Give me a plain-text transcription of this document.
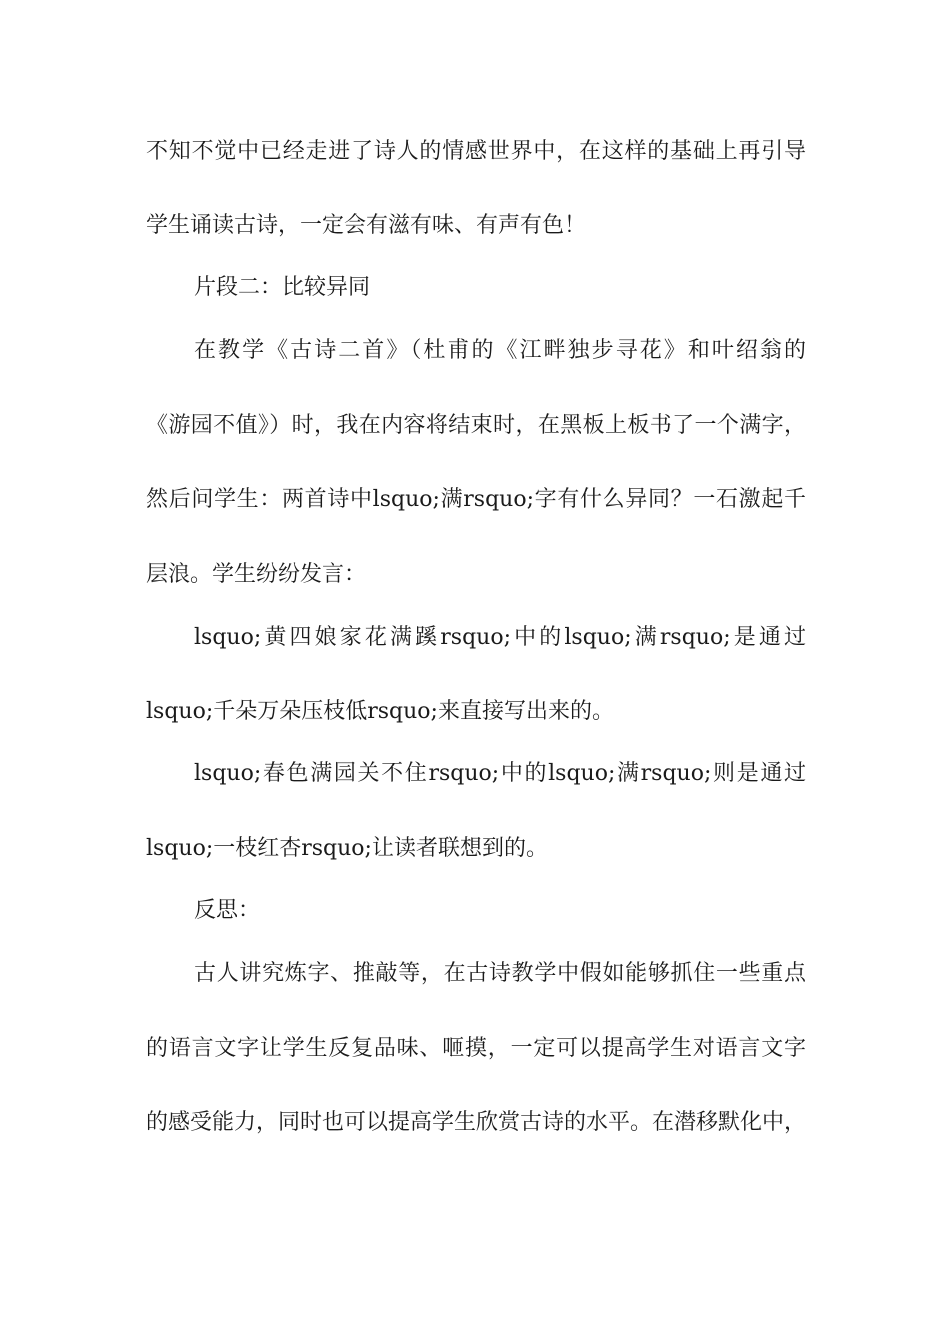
不知不觉中已经走进了诗人的情感世界中，在这样的基础上再引导
学生诵读古诗，一定会有滋有味、有声有色！
片段二：比较异同
在教学《古诗二首》（杜甫的《江畔独步寻花》和叶绍翁的
《游园不值》）时，我在内容将结束时，在黑板上板书了一个满字，
然后问学生：两首诗中lsquo;满rsquo;字有什么异同？一石激起千
层浪。学生纷纷发言：
lsquo;黄四娘家花满蹊rsquo;中的lsquo;满rsquo;是通过
lsquo;千朵万朵压枝低rsquo;来直接写出来的。
lsquo;春色满园关不住rsquo;中的lsquo;满rsquo;则是通过
lsquo;一枝红杏rsquo;让读者联想到的。
反思：
古人讲究炼字、推敲等，在古诗教学中假如能够抓住一些重点
的语言文字让学生反复品味、咂摸，一定可以提高学生对语言文字
的感受能力，同时也可以提高学生欣赏古诗的水平。在潜移默化中，
